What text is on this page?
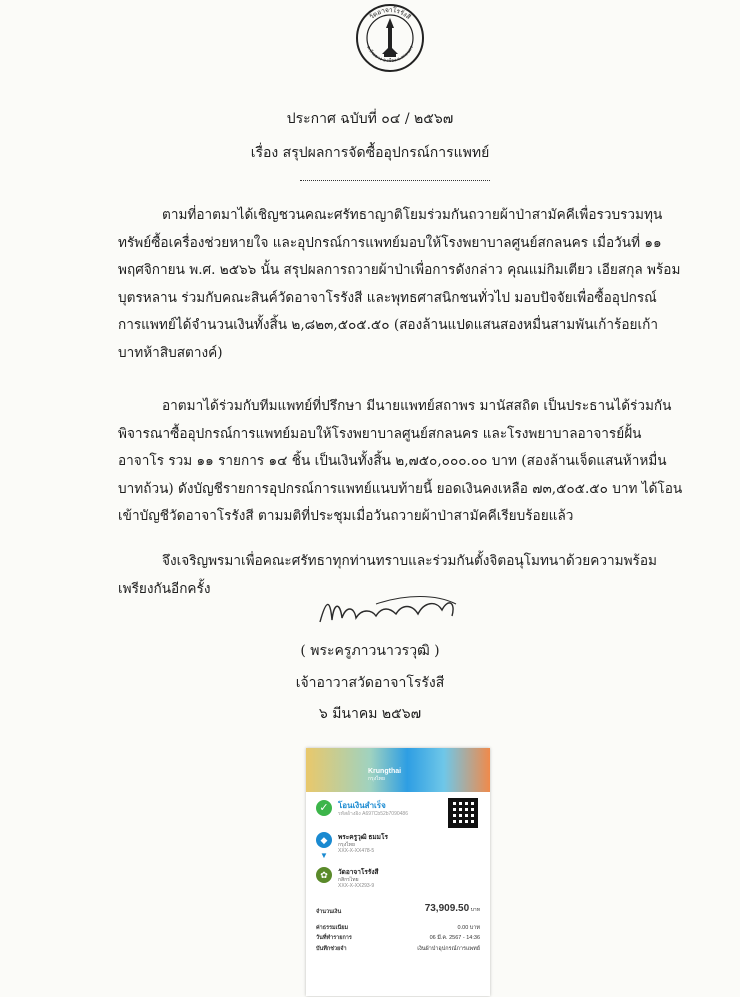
วัดอาจาโรรังสี
ต.ห้วยยาง อ.เมือง จ.สกลนคร
ประกาศ ฉบับที่ ๐๔ / ๒๕๖๗
เรื่อง สรุปผลการจัดซื้ออุปกรณ์การแพทย์
ตามที่อาตมาได้เชิญชวนคณะศรัทธาญาติโยมร่วมกันถวายผ้าป่าสามัคคีเพื่อรวบรวมทุน
ทรัพย์ซื้อเครื่องช่วยหายใจ และอุปกรณ์การแพทย์มอบให้โรงพยาบาลศูนย์สกลนคร เมื่อวันที่ ๑๑
พฤศจิกายน พ.ศ. ๒๕๖๖ นั้น สรุปผลการถวายผ้าป่าเพื่อการดังกล่าว คุณแม่กิมเตียว เอียสกุล พร้อม
บุตรหลาน ร่วมกับคณะสินค์วัดอาจาโรรังสี และพุทธศาสนิกชนทั่วไป มอบปัจจัยเพื่อซื้ออุปกรณ์
การแพทย์ได้จำนวนเงินทั้งสิ้น ๒,๘๒๓,๕๐๕.๕๐ (สองล้านแปดแสนสองหมื่นสามพันเก้าร้อยเก้า
บาทห้าสิบสตางค์)
อาตมาได้ร่วมกับทีมแพทย์ที่ปรึกษา มีนายแพทย์สถาพร มานัสสถิต เป็นประธานได้ร่วมกัน
พิจารณาซื้ออุปกรณ์การแพทย์มอบให้โรงพยาบาลศูนย์สกลนคร และโรงพยาบาลอาจารย์ฝั้น
อาจาโร รวม ๑๑ รายการ ๑๔ ชิ้น เป็นเงินทั้งสิ้น ๒,๗๕๐,๐๐๐.๐๐ บาท (สองล้านเจ็ดแสนห้าหมื่น
บาทถ้วน) ดังบัญชีรายการอุปกรณ์การแพทย์แนบท้ายนี้ ยอดเงินคงเหลือ ๗๓,๕๐๕.๕๐ บาท ได้โอน
เข้าบัญชีวัดอาจาโรรังสี ตามมติที่ประชุมเมื่อวันถวายผ้าป่าสามัคคีเรียบร้อยแล้ว
จึงเจริญพรมาเพื่อคณะศรัทธาทุกท่านทราบและร่วมกันตั้งจิตอนุโมทนาด้วยความพร้อม
เพรียงกันอีกครั้ง
( พระครูภาวนาวรวุฒิ )
เจ้าอาวาสวัดอาจาโรรังสี
๖ มีนาคม ๒๕๖๗
Krungthai
กรุงไทย
✓	โอนเงินสำเร็จ
รหัสอ้างอิง A697Cb52b7090486
◆	พระครูวุฒิ ธมมโร
กรุงไทย
XXX-X-XX478-5
▼
✿	วัดอาจาโรรังสี
กสิกรไทย
XXX-X-XX293-9
จำนวนเงิน	73,909.50 บาท
ค่าธรรมเนียม	0.00 บาท
วันที่ทำรายการ	06 มี.ค. 2567 - 14:36
บันทึกช่วยจำ	เงินผ้าป่าอุปกรณ์การแพทย์
